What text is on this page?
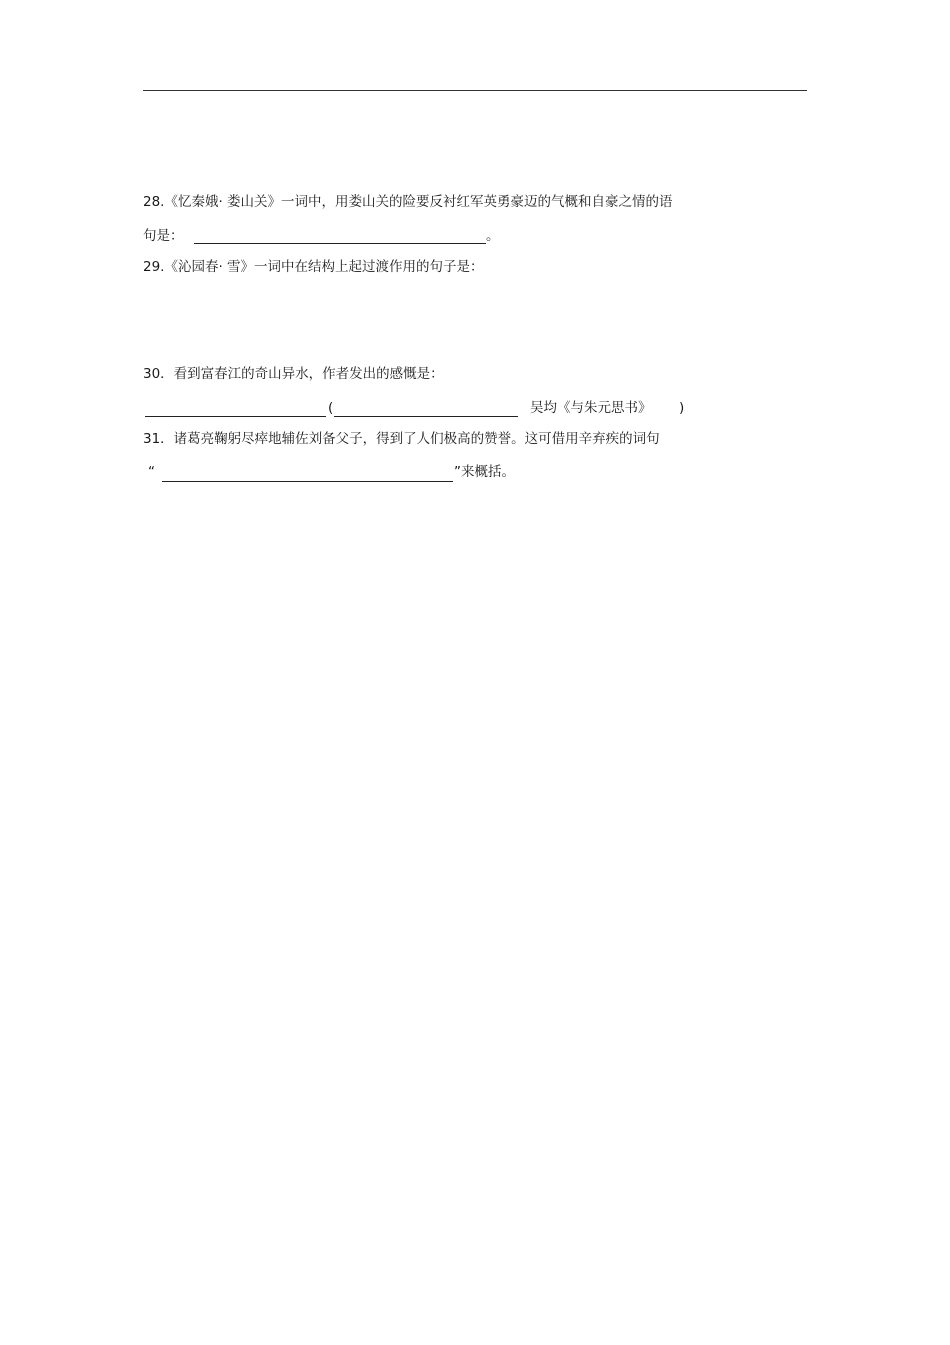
28.《忆秦娥· 娄山关》一词中，用娄山关的险要反衬红军英勇豪迈的气概和自豪之情的语
句是：	。
29.《沁园春· 雪》一词中在结构上起过渡作用的句子是：
30．看到富春江的奇山异水，作者发出的感慨是：
(	吴均《与朱元思书》 )
31．诸葛亮鞠躬尽瘁地辅佐刘备父子，得到了人们极高的赞誉。这可借用辛弃疾的词句
“	”来概括。
